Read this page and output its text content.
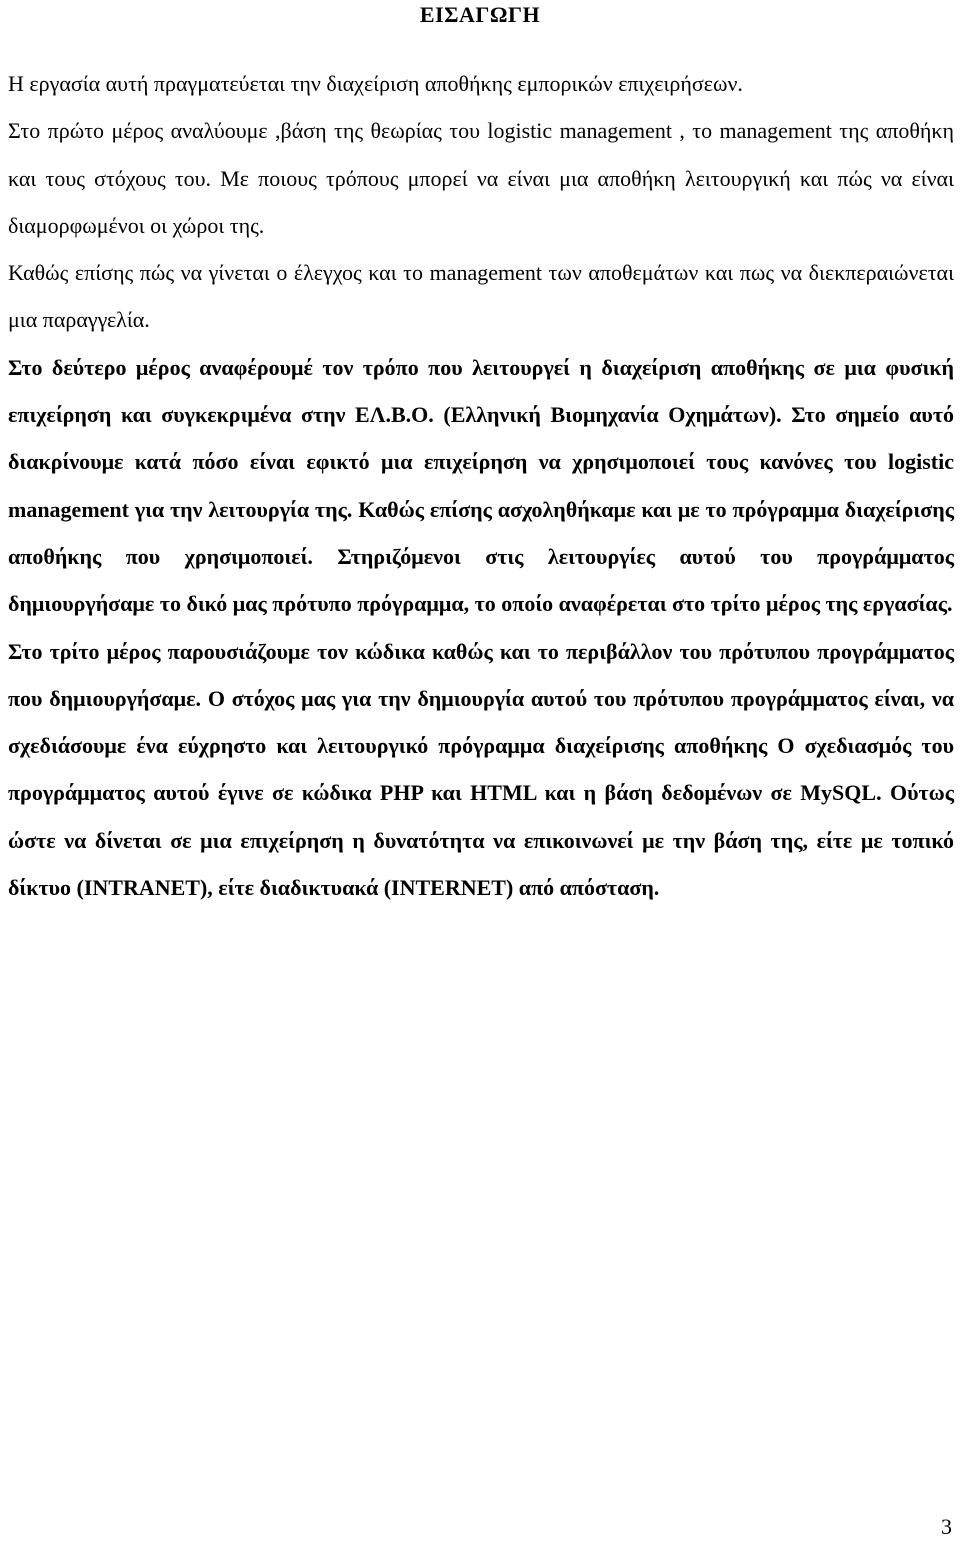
ΕΙΣΑΓΩΓΗ

Η εργασία αυτή πραγματεύεται την διαχείριση αποθήκης εμπορικών επιχειρήσεων.

Στο πρώτο μέρος αναλύουμε ,βάση της θεωρίας του logistic management , το management της αποθήκη και τους στόχους του. Με ποιους τρόπους μπορεί να είναι μια αποθήκη λειτουργική και πώς να είναι διαμορφωμένοι οι χώροι της.

Καθώς επίσης πώς να γίνεται ο έλεγχος και το management των αποθεμάτων και πως να διεκπεραιώνεται μια παραγγελία.

Στο δεύτερο μέρος αναφέρουμέ τον τρόπο που λειτουργεί η διαχείριση αποθήκης σε μια φυσική επιχείρηση και συγκεκριμένα στην ΕΛ.Β.Ο. (Ελληνική Βιομηχανία Οχημάτων). Στο σημείο αυτό διακρίνουμε κατά πόσο είναι εφικτό μια επιχείρηση να χρησιμοποιεί τους κανόνες του logistic management για την λειτουργία της. Καθώς επίσης ασχοληθήκαμε και με το πρόγραμμα διαχείρισης αποθήκης που χρησιμοποιεί. Στηριζόμενοι στις λειτουργίες αυτού του προγράμματος δημιουργήσαμε το δικό μας πρότυπο πρόγραμμα, το οποίο αναφέρεται στο τρίτο μέρος της εργασίας.

Στο τρίτο μέρος παρουσιάζουμε τον κώδικα καθώς και το περιβάλλον του πρότυπου προγράμματος που δημιουργήσαμε. Ο στόχος μας για την δημιουργία αυτού του πρότυπου προγράμματος είναι, να σχεδιάσουμε ένα εύχρηστο και λειτουργικό πρόγραμμα διαχείρισης αποθήκης Ο σχεδιασμός του προγράμματος αυτού έγινε σε κώδικα PHP και HTML και η βάση δεδομένων σε MySQL. Ούτως ώστε να δίνεται σε μια επιχείρηση η δυνατότητα να επικοινωνεί με την βάση της, είτε με τοπικό δίκτυο (INTRANET), είτε διαδικτυακά (INTERNET) από απόσταση.

3
